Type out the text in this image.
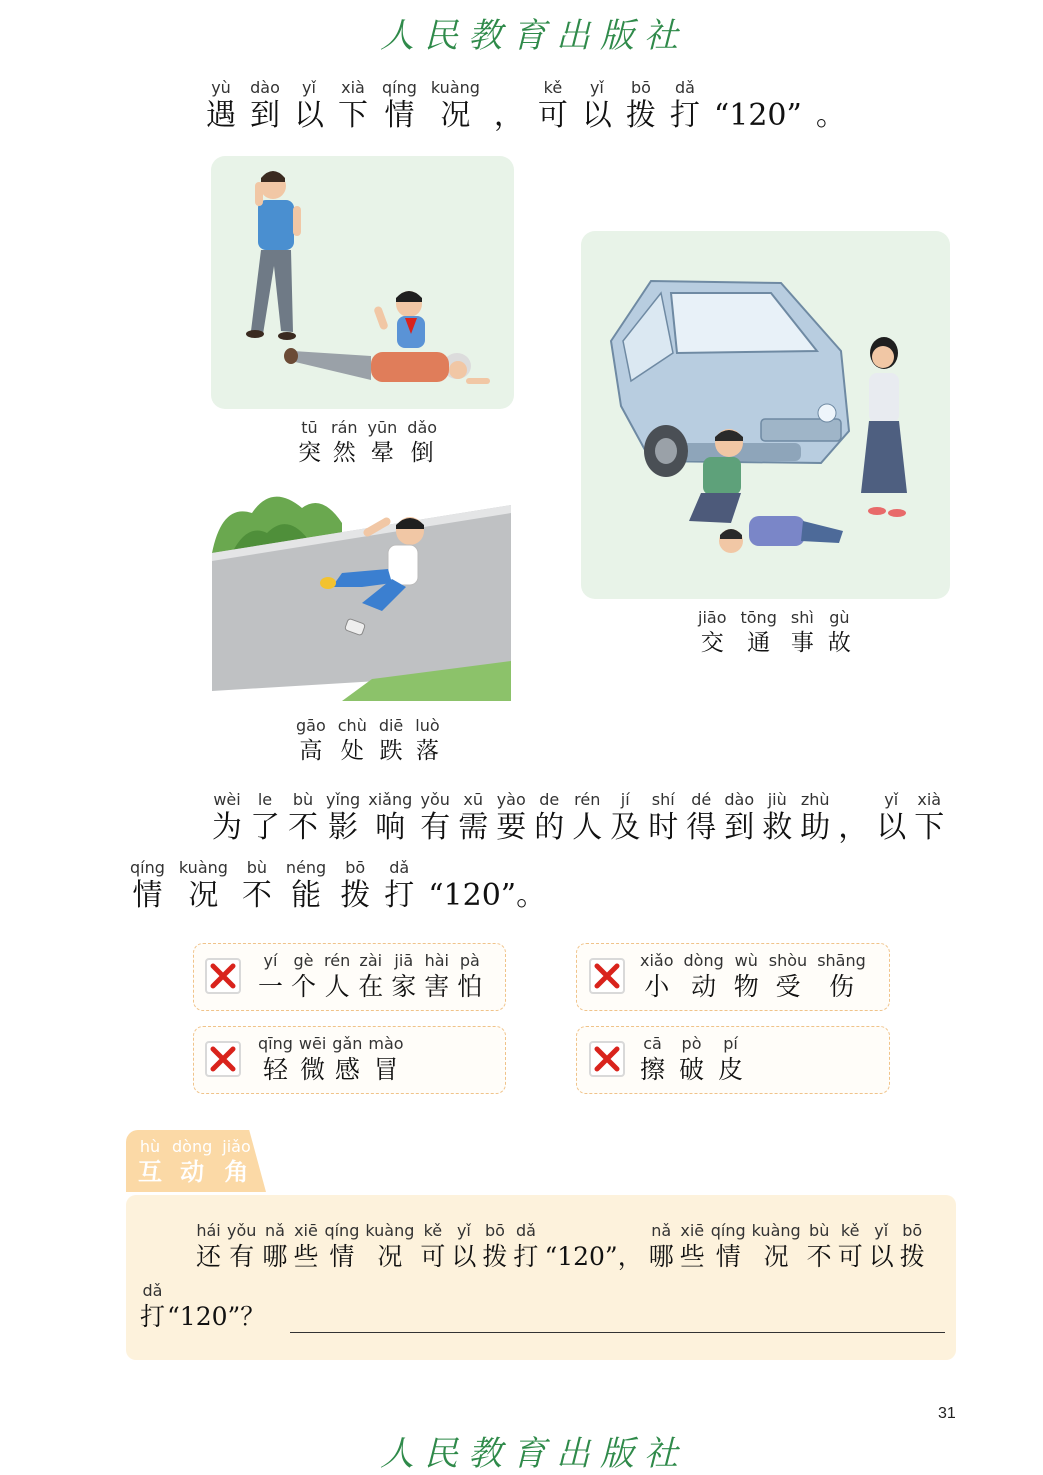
人民教育出版社
yù
遇
dào
到
yǐ
以
xià
下
qíng
情
kuàng
况
，
kě
可
yǐ
以
bō
拨
dǎ
打
“120”
。
tū
突
rán
然
yūn
晕
dǎo
倒
jiāo
交
tōng
通
shì
事
gù
故
gāo
高
chù
处
diē
跌
luò
落
wèi
为
le
了
bù
不
yǐng
影
xiǎng
响
yǒu
有
xū
需
yào
要
de
的
rén
人
jí
及
shí
时
dé
得
dào
到
jiù
救
zhù
助
，
yǐ
以
xià
下
qíng
情
kuàng
况
bù
不
néng
能
bō
拨
dǎ
打
“120”。
yí
一
gè
个
rén
人
zài
在
jiā
家
hài
害
pà
怕
xiǎo
小
dòng
动
wù
物
shòu
受
shāng
伤
qīng
轻
wēi
微
gǎn
感
mào
冒
cā
擦
pò
破
pí
皮
hù
互
dòng
动
jiǎo
角
hái
还
yǒu
有
nǎ
哪
xiē
些
qíng
情
kuàng
况
kě
可
yǐ
以
bō
拨
dǎ
打
“120”，
nǎ
哪
xiē
些
qíng
情
kuàng
况
bù
不
kě
可
yǐ
以
bō
拨
dǎ
打
“120”？
31
人民教育出版社
